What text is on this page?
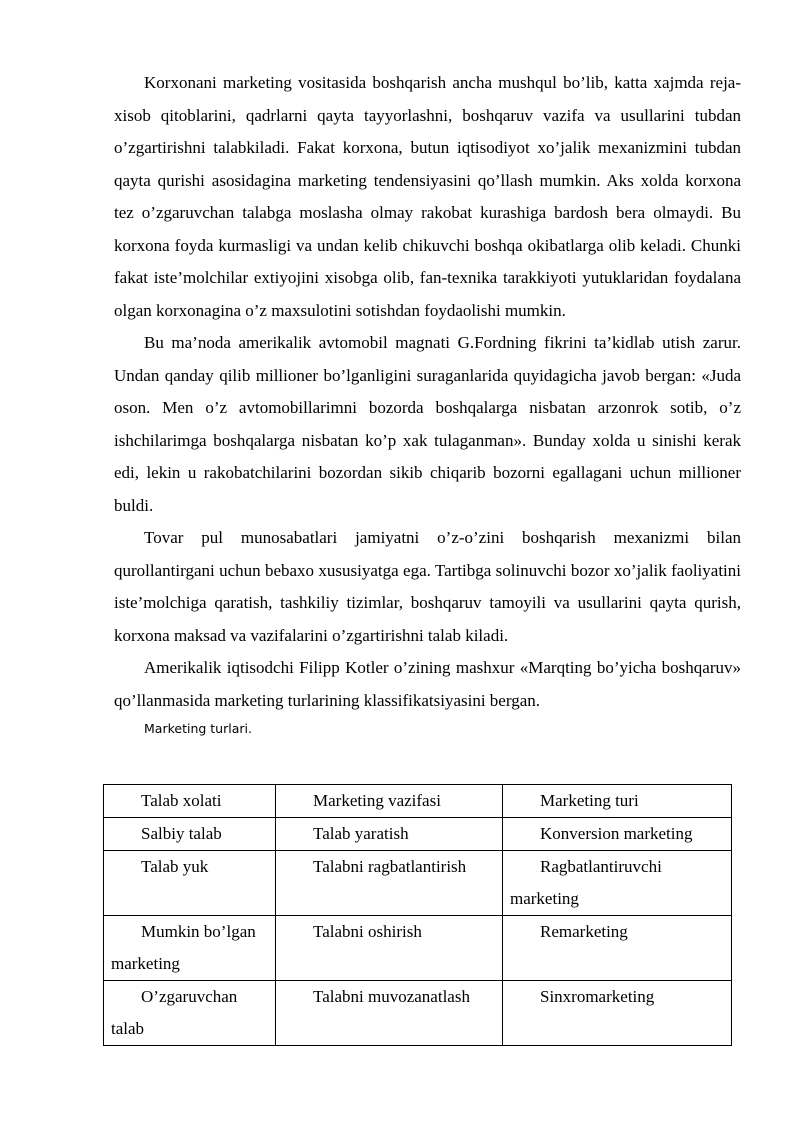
Korxonani marketing vositasida boshqarish ancha mushqul bo’lib, katta xajmda reja-xisob qitoblarini, qadrlarni qayta tayyorlashni, boshqaruv vazifa va usullarini tubdan o’zgartirishni talabkiladi. Fakat korxona, butun iqtisodiyot xo’jalik mexanizmini tubdan qayta qurishi asosidagina marketing tendensiyasini qo’llash mumkin. Aks xolda korxona tez o’zgaruvchan talabga moslasha olmay rakobat kurashiga bardosh bera olmaydi. Bu korxona foyda kurmasligi va undan kelib chikuvchi boshqa okibatlarga olib keladi. Chunki fakat iste’molchilar extiyojini xisobga olib, fan-texnika tarakkiyoti yutuklaridan foydalana olgan korxonagina o’z maxsulotini sotishdan foydaolishi mumkin.

Bu ma’noda amerikalik avtomobil magnati G.Fordning fikrini ta’kidlab utish zarur. Undan qanday qilib millioner bo’lganligini suraganlarida quyidagicha javob bergan: «Juda oson. Men o’z avtomobillarimni bozorda boshqalarga nisbatan arzonrok sotib, o’z ishchilarimga boshqalarga nisbatan ko’p xak tulaganman». Bunday xolda u sinishi kerak edi, lekin u rakobatchilarini bozordan sikib chiqarib bozorni egallagani uchun millioner buldi.

Tovar pul munosabatlari jamiyatni o’z-o’zini boshqarish mexanizmi bilan qurollantirgani uchun bebaxo xususiyatga ega. Tartibga solinuvchi bozor xo’jalik faoliyatini iste’molchiga qaratish, tashkiliy tizimlar, boshqaruv tamoyili va usullarini qayta qurish, korxona maksad va vazifalarini o’zgartirishni talab kiladi.

Amerikalik iqtisodchi Filipp Kotler o’zining mashxur «Marqting bo’yicha boshqaruv» qo’llanmasida marketing turlarining klassifikatsiyasini bergan.

Marketing turlari.
Talab xolati	Marketing vazifasi	Marketing turi
Salbiy talab	Talab yaratish	Konversion marketing
Talab yuk	Talabni ragbatlantirish	Ragbatlantiruvchi marketing
Mumkin bo’lgan marketing	Talabni oshirish	Remarketing
O’zgaruvchan talab	Talabni muvozanatlash	Sinxromarketing
